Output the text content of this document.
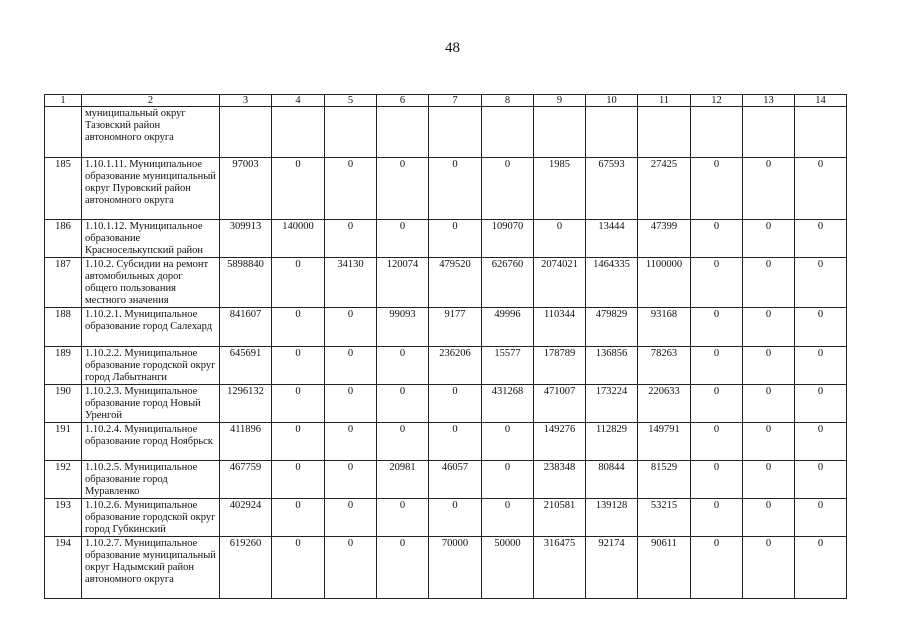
48
1	2	3	4	5	6	7	8	9	10	11	12	13	14
	муниципальный округ Тазовский район автономного округа												
185	1.10.1.11. Муниципальное образование муниципальный округ Пуровский район автономного округа	97003	0	0	0	0	0	1985	67593	27425	0	0	0
186	1.10.1.12. Муниципальное образование Красноселькупский район	309913	140000	0	0	0	109070	0	13444	47399	0	0	0
187	1.10.2. Субсидии на ремонт автомобильных дорог общего пользования местного значения	5898840	0	34130	120074	479520	626760	2074021	1464335	1100000	0	0	0
188	1.10.2.1. Муниципальное образование город Салехард	841607	0	0	99093	9177	49996	110344	479829	93168	0	0	0
189	1.10.2.2. Муниципальное образование городской округ город Лабытнанги	645691	0	0	0	236206	15577	178789	136856	78263	0	0	0
190	1.10.2.3. Муниципальное образование город Новый Уренгой	1296132	0	0	0	0	431268	471007	173224	220633	0	0	0
191	1.10.2.4. Муниципальное образование город Ноябрьск	411896	0	0	0	0	0	149276	112829	149791	0	0	0
192	1.10.2.5. Муниципальное образование город Муравленко	467759	0	0	20981	46057	0	238348	80844	81529	0	0	0
193	1.10.2.6. Муниципальное образование городской округ город Губкинский	402924	0	0	0	0	0	210581	139128	53215	0	0	0
194	1.10.2.7. Муниципальное образование муниципальный округ Надымский район автономного округа	619260	0	0	0	70000	50000	316475	92174	90611	0	0	0
